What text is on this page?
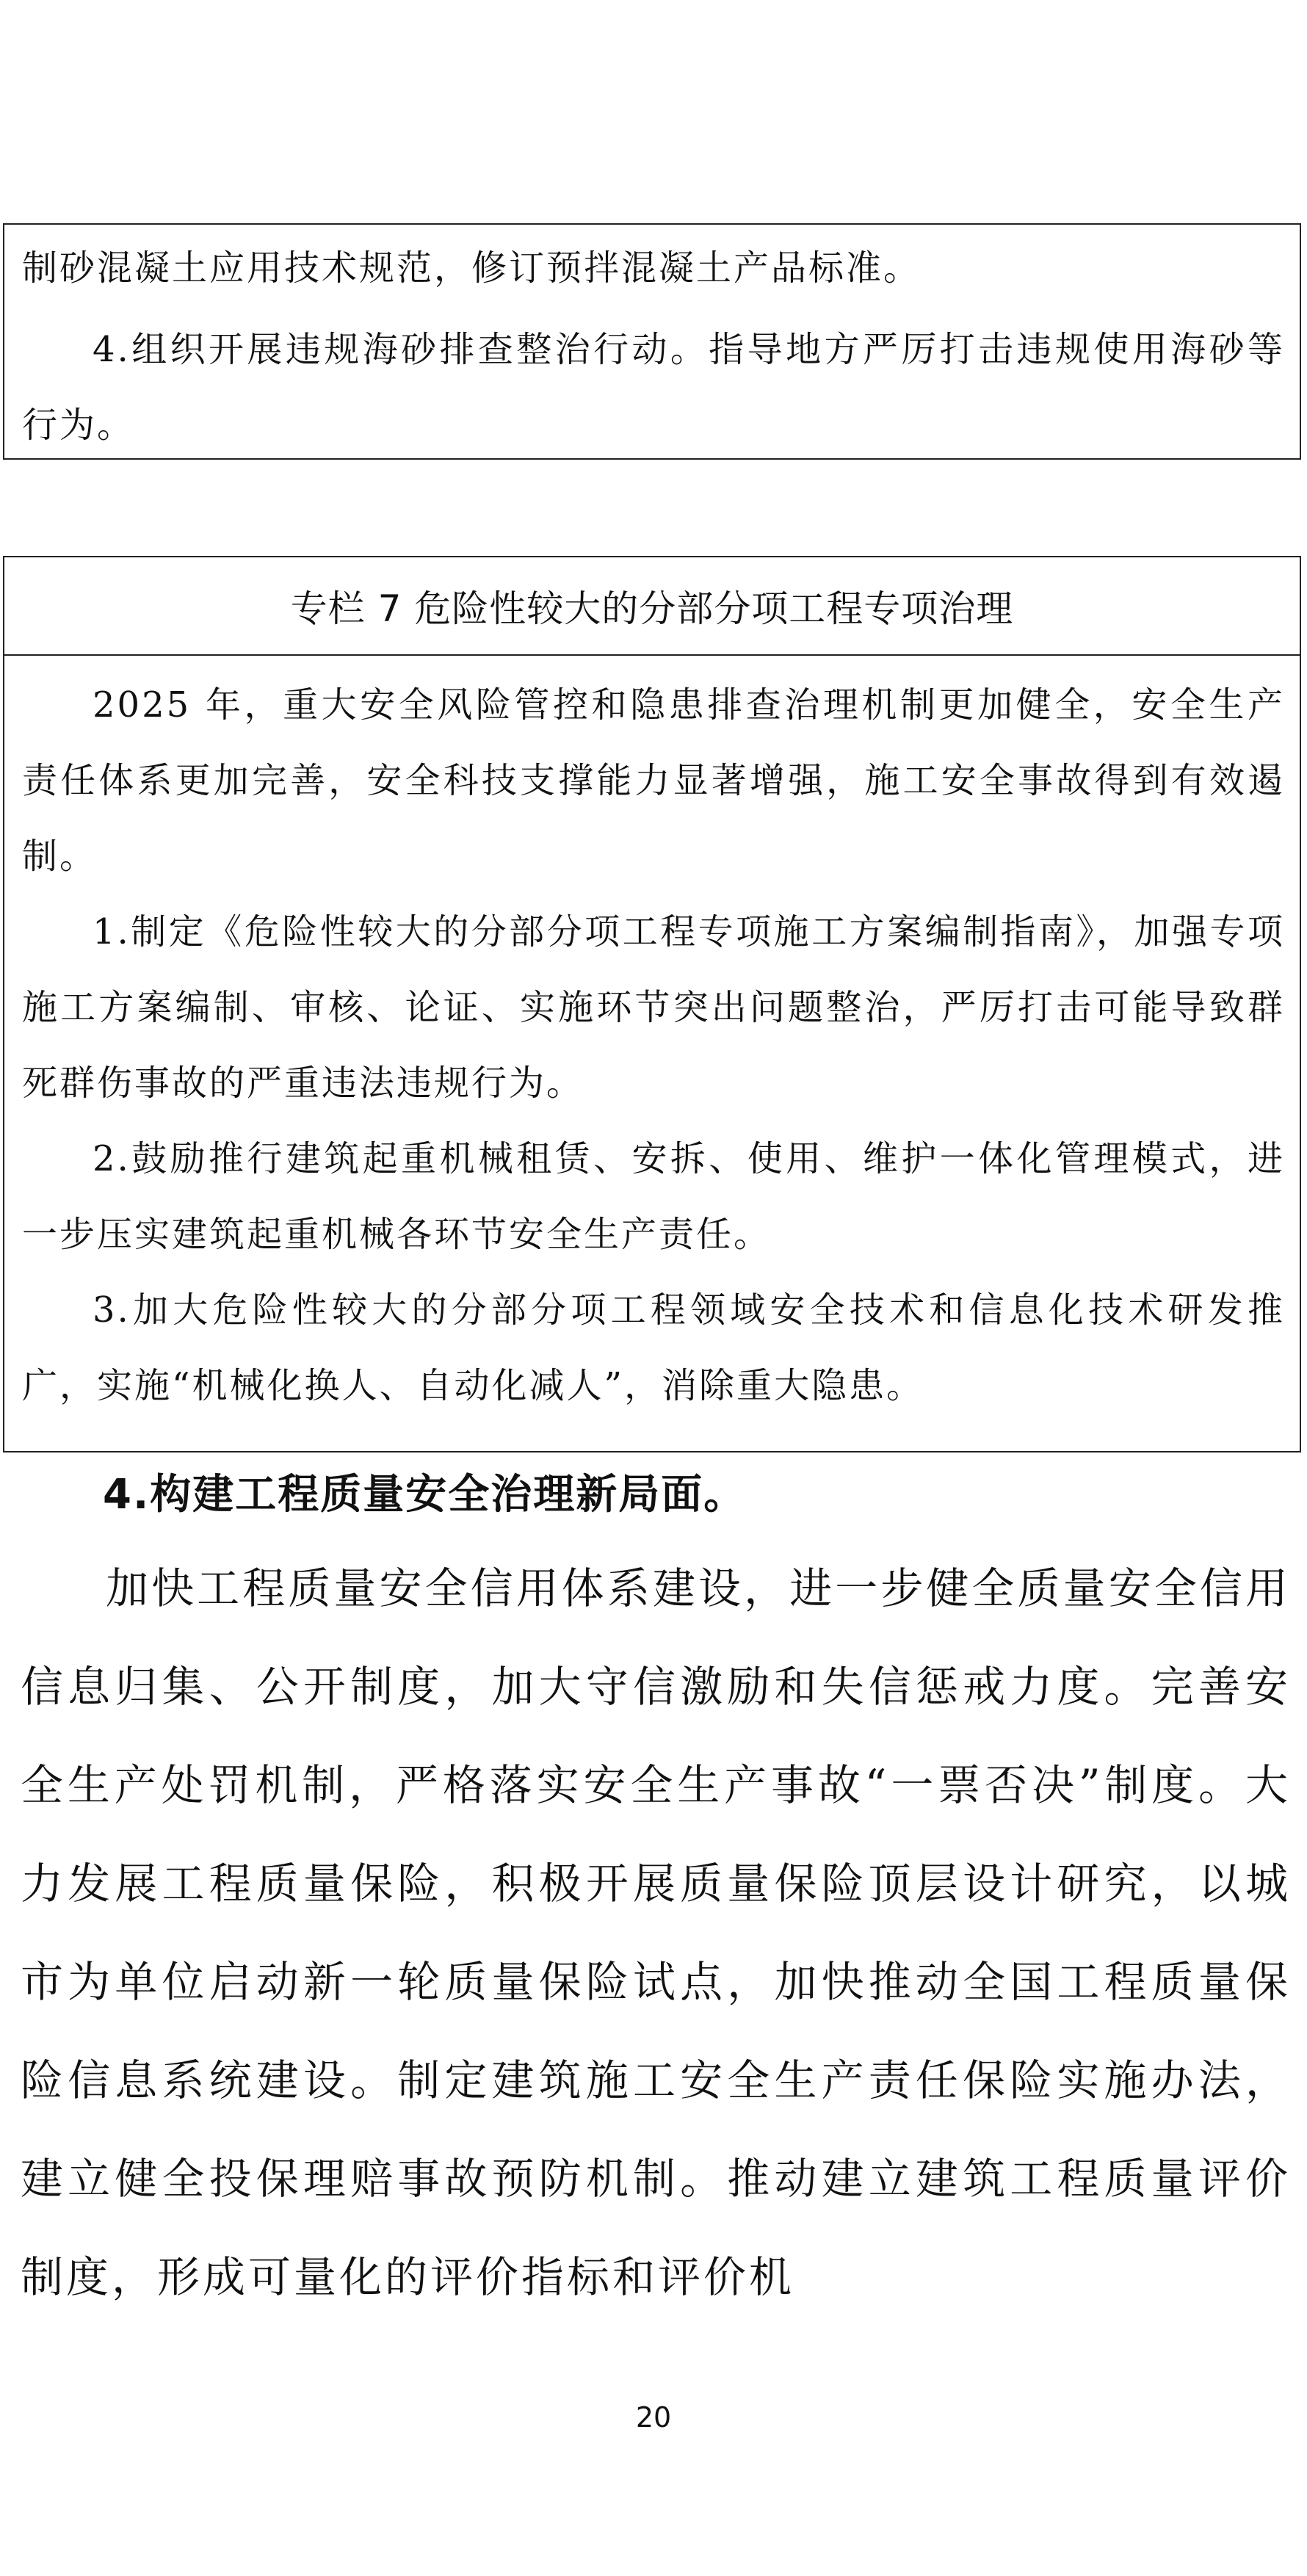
制砂混凝土应用技术规范，修订预拌混凝土产品标准。

4.组织开展违规海砂排查整治行动。指导地方严厉打击违规使用海砂等行为。

专栏 7 危险性较大的分部分项工程专项治理

2025 年，重大安全风险管控和隐患排查治理机制更加健全，安全生产责任体系更加完善，安全科技支撑能力显著增强，施工安全事故得到有效遏制。

1.制定《危险性较大的分部分项工程专项施工方案编制指南》，加强专项施工方案编制、审核、论证、实施环节突出问题整治，严厉打击可能导致群死群伤事故的严重违法违规行为。

2.鼓励推行建筑起重机械租赁、安拆、使用、维护一体化管理模式，进一步压实建筑起重机械各环节安全生产责任。

3.加大危险性较大的分部分项工程领域安全技术和信息化技术研发推广，实施“机械化换人、自动化减人”，消除重大隐患。

4.构建工程质量安全治理新局面。

加快工程质量安全信用体系建设，进一步健全质量安全信用信息归集、公开制度，加大守信激励和失信惩戒力度。完善安全生产处罚机制，严格落实安全生产事故“一票否决”制度。大力发展工程质量保险，积极开展质量保险顶层设计研究，以城市为单位启动新一轮质量保险试点，加快推动全国工程质量保险信息系统建设。制定建筑施工安全生产责任保险实施办法，建立健全投保理赔事故预防机制。推动建立建筑工程质量评价制度，形成可量化的评价指标和评价机

20
